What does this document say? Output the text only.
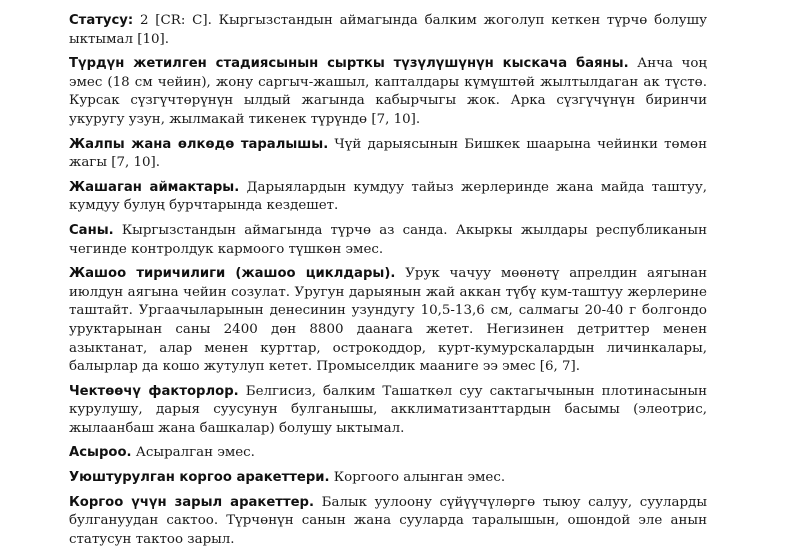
Статусу: 2 [CR: C]. Кыргызстандын аймагында балким жоголуп кеткен түрчө болушу ыктымал [10].

Түрдүн жетилген стадиясынын сырткы түзүлүшүнүн кыскача баяны. Анча чоң эмес (18 см чейин), жону саргыч-жашыл, капталдары күмүштөй жылтылдаган ак түстө. Курсак сүзгүчтөрүнүн ылдый жагында кабырчыгы жок. Арка сүзгүчүнүн биринчи укуругу узун, жылмакай тикенек түрүндө [7, 10].

Жалпы жана өлкөдө таралышы. Чүй дарыясынын Бишкек шаарына чейинки төмөн жагы [7, 10].

Жашаган аймактары. Дарыялардын кумдуу тайыз жерлеринде жана майда таштуу, кумдуу булуң бурчтарында кездешет.

Саны. Кыргызстандын аймагында түрчө аз санда. Акыркы жылдары республиканын чегинде контролдук кармоого түшкөн эмес.

Жашоо тиричилиги (жашоо циклдары). Урук чачуу мөөнөтү апрелдин аягынан июлдун аягына чейин созулат. Уругун дарыянын жай аккан түбү кум-таштуу жерлерине таштайт. Ургаачыларынын денесинин узундугу 10,5-13,6 см, салмагы 20-40 г болгондо уруктарынан саны 2400 дөн 8800 даанага жетет. Негизинен детриттер менен азыктанат, алар менен курттар, острокоддор, курт-кумурскалардын личинкалары, балырлар да кошо жутулуп кетет. Промыселдик мааниге ээ эмес [6, 7].

Чектөөчү факторлор. Белгисиз, балким Ташаткөл суу сактагычынын плотинасынын курулушу, дарыя суусунун булганышы, акклиматизанттардын басымы (элеотрис, жылаанбаш жана башкалар) болушу ыктымал.

Асыроо. Асыралган эмес.

Уюштурулган коргоо аракеттери. Коргоого алынган эмес.

Коргоо үчүн зарыл аракеттер. Балык уулоону сүйүүчүлөргө тыюу салуу, сууларды булгануудан сактоо. Түрчөнүн санын жана сууларда таралышын, ошондой эле анын статусун тактоо зарыл.
